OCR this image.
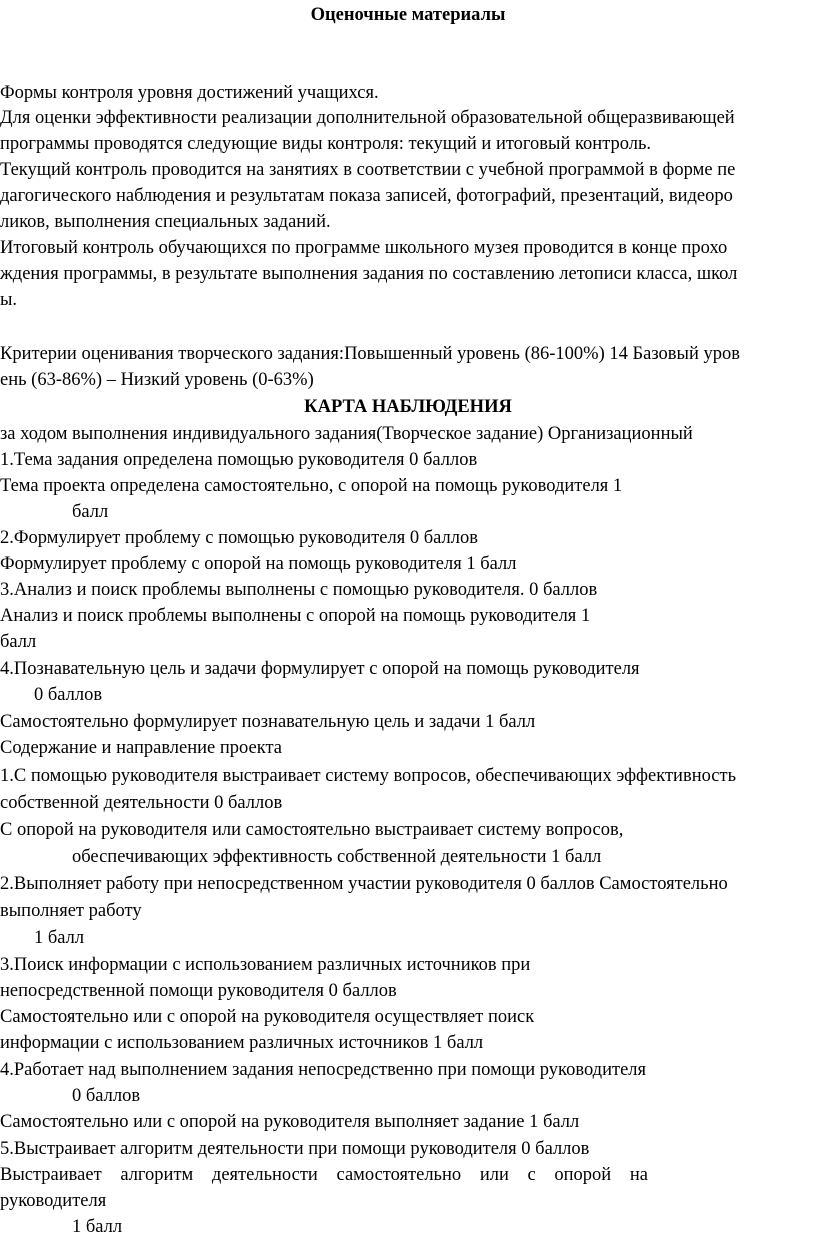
Оценочные материалы

Формы контроля уровня достижений учащихся.

Для оценки эффективности реализации дополнительной образовательной общеразвивающей

программы проводятся следующие виды контроля: текущий и итоговый контроль.

Текущий контроль проводится на занятиях в соответствии с учебной программой в форме пе

дагогического наблюдения и результатам показа записей, фотографий, презентаций, видеоро

ликов, выполнения специальных заданий.

Итоговый контроль обучающихся по программе школьного музея проводится в конце прохо

ждения программы, в результате выполнения задания по составлению летописи класса, школ

ы.

Критерии оценивания творческого задания:Повышенный уровень (86-100%) 14 Базовый уров

ень (63-86%) – Низкий уровень (0-63%)

КАРТА НАБЛЮДЕНИЯ

за ходом выполнения индивидуального задания(Творческое задание) Организационный

1.Тема задания определена помощью руководителя 0 баллов

Тема проекта определена самостоятельно, с опорой на помощь руководителя 1

балл

2.Формулирует проблему с помощью руководителя 0 баллов

Формулирует проблему с опорой на помощь руководителя 1 балл

3.Анализ и поиск проблемы выполнены с помощью руководителя. 0 баллов

Анализ и поиск проблемы выполнены с опорой на помощь руководителя 1

балл

4.Познавательную цель и задачи формулирует с опорой на помощь руководителя

0 баллов

Самостоятельно формулирует познавательную цель и задачи 1 балл

Содержание и направление проекта

1.С помощью руководителя выстраивает систему вопросов, обеспечивающих эффективность

собственной деятельности 0 баллов

С опорой на руководителя или самостоятельно выстраивает систему вопросов,

обеспечивающих эффективность собственной деятельности 1 балл

2.Выполняет работу при непосредственном участии руководителя 0 баллов Самостоятельно

выполняет работу

1 балл

3.Поиск информации с использованием различных источников при

непосредственной помощи руководителя 0 баллов

Самостоятельно или с опорой на руководителя осуществляет поиск

информации с использованием различных источников 1 балл

4.Работает над выполнением задания непосредственно при помощи руководителя

0 баллов

Самостоятельно или с опорой на руководителя выполняет задание 1 балл

5.Выстраивает алгоритм деятельности при помощи руководителя 0 баллов

Выстраивает алгоритм деятельности самостоятельно или с опорой на

руководителя

1 балл
